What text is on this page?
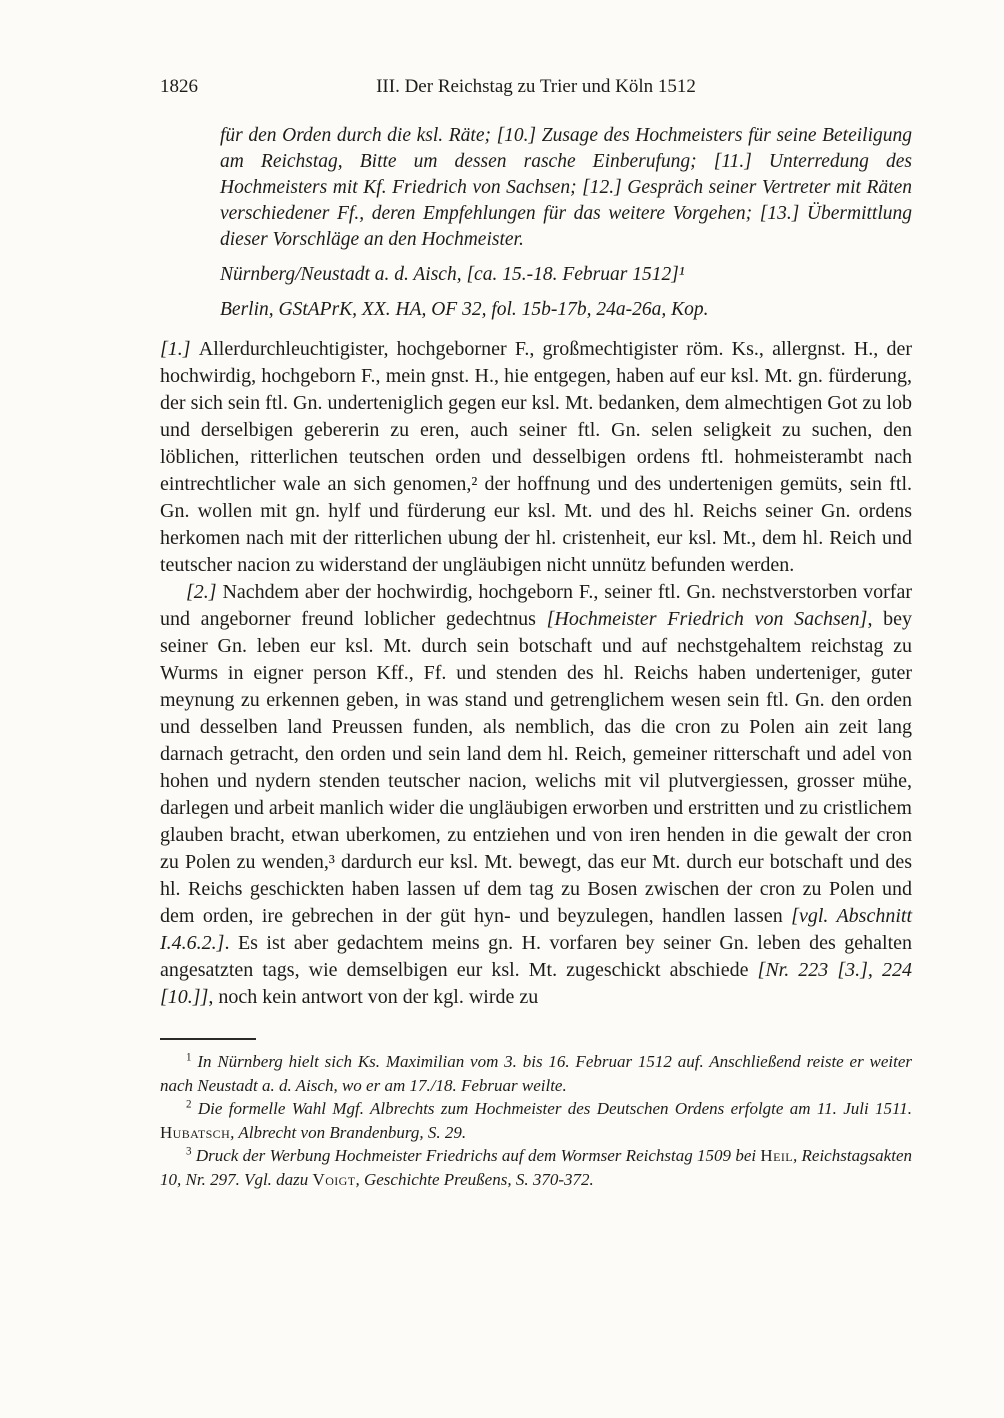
1826	III. Der Reichstag zu Trier und Köln 1512

für den Orden durch die ksl. Räte; [10.] Zusage des Hochmeisters für seine Beteiligung am Reichstag, Bitte um dessen rasche Einberufung; [11.] Unterredung des Hochmeisters mit Kf. Friedrich von Sachsen; [12.] Gespräch seiner Vertreter mit Räten verschiedener Ff., deren Empfehlungen für das weitere Vorgehen; [13.] Übermittlung dieser Vorschläge an den Hochmeister.

Nürnberg/Neustadt a. d. Aisch, [ca. 15.-18. Februar 1512]¹

Berlin, GStAPrK, XX. HA, OF 32, fol. 15b-17b, 24a-26a, Kop.

[1.] Allerdurchleuchtigister, hochgeborner F., großmechtigister röm. Ks., allergnst. H., der hochwirdig, hochgeborn F., mein gnst. H., hie entgegen, haben auf eur ksl. Mt. gn. fürderung, der sich sein ftl. Gn. underteniglich gegen eur ksl. Mt. bedanken, dem almechtigen Got zu lob und derselbigen gebererin zu eren, auch seiner ftl. Gn. selen seligkeit zu suchen, den löblichen, ritterlichen teutschen orden und desselbigen ordens ftl. hohmeisterambt nach eintrechtlicher wale an sich genomen,² der hoffnung und des undertenigen gemüts, sein ftl. Gn. wollen mit gn. hylf und fürderung eur ksl. Mt. und des hl. Reichs seiner Gn. ordens herkomen nach mit der ritterlichen ubung der hl. cristenheit, eur ksl. Mt., dem hl. Reich und teutscher nacion zu widerstand der ungläubigen nicht unnütz befunden werden.

[2.] Nachdem aber der hochwirdig, hochgeborn F., seiner ftl. Gn. nechstverstorben vorfar und angeborner freund loblicher gedechtnus [Hochmeister Friedrich von Sachsen], bey seiner Gn. leben eur ksl. Mt. durch sein botschaft und auf nechstgehaltem reichstag zu Wurms in eigner person Kff., Ff. und stenden des hl. Reichs haben underteniger, guter meynung zu erkennen geben, in was stand und getrenglichem wesen sein ftl. Gn. den orden und desselben land Preussen funden, als nemblich, das die cron zu Polen ain zeit lang darnach getracht, den orden und sein land dem hl. Reich, gemeiner ritterschaft und adel von hohen und nydern stenden teutscher nacion, welichs mit vil plutvergiessen, grosser mühe, darlegen und arbeit manlich wider die ungläubigen erworben und erstritten und zu cristlichem glauben bracht, etwan uberkomen, zu entziehen und von iren henden in die gewalt der cron zu Polen zu wenden,³ dardurch eur ksl. Mt. bewegt, das eur Mt. durch eur botschaft und des hl. Reichs geschickten haben lassen uf dem tag zu Bosen zwischen der cron zu Polen und dem orden, ire gebrechen in der güt hyn- und beyzulegen, handlen lassen [vgl. Abschnitt I.4.6.2.]. Es ist aber gedachtem meins gn. H. vorfaren bey seiner Gn. leben des gehalten angesatzten tags, wie demselbigen eur ksl. Mt. zugeschickt abschiede [Nr. 223 [3.], 224 [10.]], noch kein antwort von der kgl. wirde zu

$^1$ In Nürnberg hielt sich Ks. Maximilian vom 3. bis 16. Februar 1512 auf. Anschließend reiste er weiter nach Neustadt a. d. Aisch, wo er am 17./18. Februar weilte.

$^2$ Die formelle Wahl Mgf. Albrechts zum Hochmeister des Deutschen Ordens erfolgte am 11. Juli 1511. Hubatsch, Albrecht von Brandenburg, S. 29.

$^3$ Druck der Werbung Hochmeister Friedrichs auf dem Wormser Reichstag 1509 bei Heil, Reichstagsakten 10, Nr. 297. Vgl. dazu Voigt, Geschichte Preußens, S. 370-372.
